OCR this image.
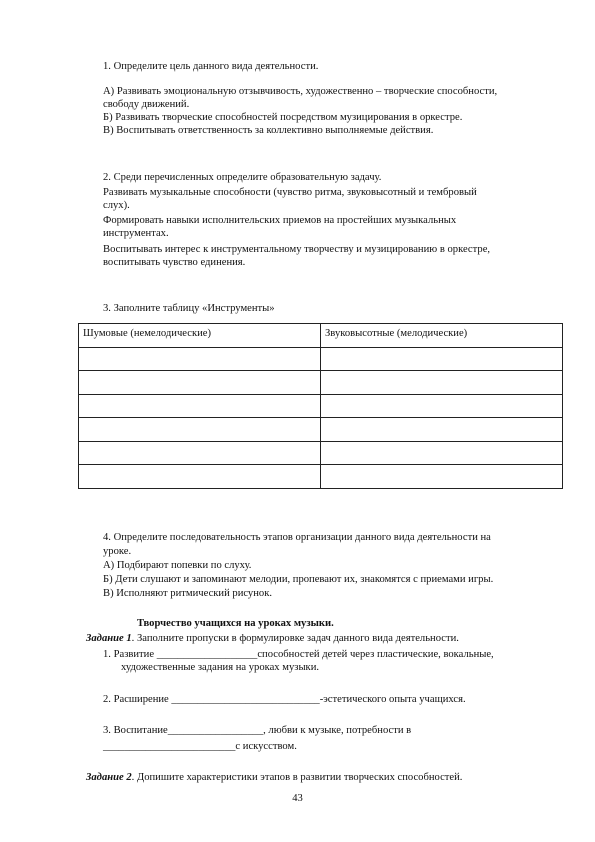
1. Определите цель данного вида деятельности.
А) Развивать эмоциональную отзывчивость, художественно – творческие способности,
свободу движений.
Б) Развивать творческие способностей посредством музицирования в оркестре.
В) Воспитывать ответственность за коллективно выполняемые действия.
2. Среди перечисленных определите образовательную задачу.
Развивать музыкальные способности (чувство ритма, звуковысотный и тембровый
слух).
Формировать навыки исполнительских приемов на простейших музыкальных
инструментах.
Воспитывать интерес к инструментальному творчеству и музицированию в оркестре,
воспитывать чувство единения.
3. Заполните таблицу «Инструменты»
Шумовые (немелодические)	Звуковысотные (мелодические)

4. Определите последовательность этапов организации данного вида деятельности на
уроке.
А) Подбирают попевки по слуху.
Б) Дети слушают и запоминают мелодии, пропевают их, знакомятся с приемами игры.
В) Исполняют ритмический рисунок.
Творчество учащихся на уроках музыки.
Задание 1. Заполните пропуски в формулировке задач данного вида деятельности.
1. Развитие ___________________способностей детей через пластические, вокальные,
художественные задания на уроках музыки.
2. Расширение ____________________________-эстетического опыта учащихся.
3. Воспитание__________________, любви к музыке, потребности в
_________________________с искусством.
Задание 2. Допишите характеристики этапов в развитии творческих способностей.
43
